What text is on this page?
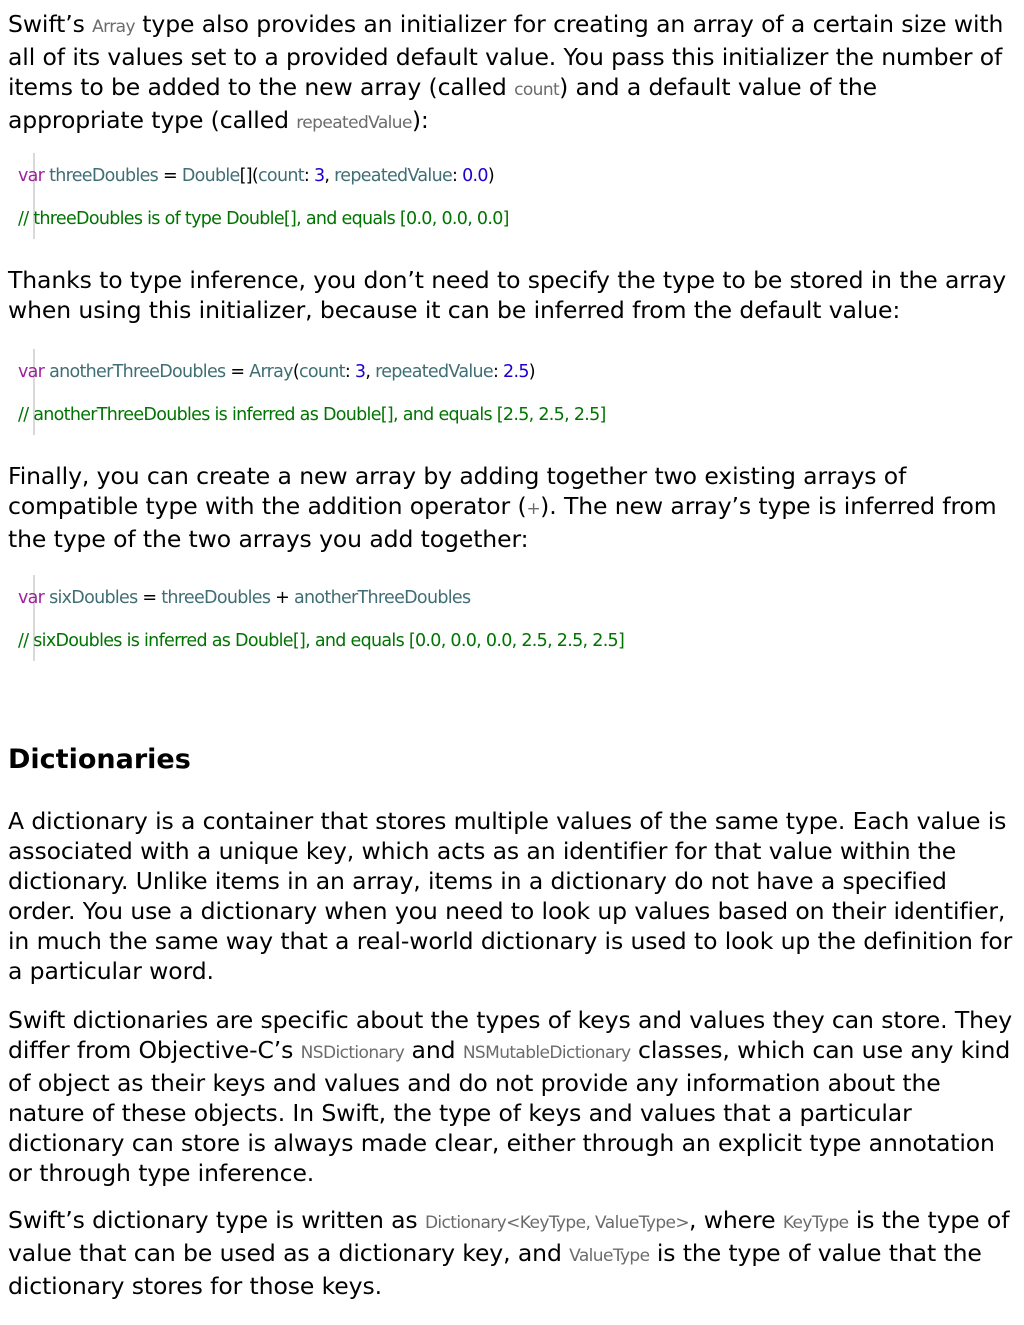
Swift’s Array type also provides an initializer for creating an array of a certain size with all of its values set to a provided default value. You pass this initializer the number of items to be added to the new array (called count) and a default value of the appropriate type (called repeatedValue):

var threeDoubles = Double[](count: 3, repeatedValue: 0.0)
// threeDoubles is of type Double[], and equals [0.0, 0.0, 0.0]

Thanks to type inference, you don’t need to specify the type to be stored in the array when using this initializer, because it can be inferred from the default value:

var anotherThreeDoubles = Array(count: 3, repeatedValue: 2.5)
// anotherThreeDoubles is inferred as Double[], and equals [2.5, 2.5, 2.5]

Finally, you can create a new array by adding together two existing arrays of compatible type with the addition operator (+). The new array’s type is inferred from the type of the two arrays you add together:

var sixDoubles = threeDoubles + anotherThreeDoubles
// sixDoubles is inferred as Double[], and equals [0.0, 0.0, 0.0, 2.5, 2.5, 2.5]
Dictionaries

A dictionary is a container that stores multiple values of the same type. Each value is associated with a unique key, which acts as an identifier for that value within the dictionary. Unlike items in an array, items in a dictionary do not have a specified order. You use a dictionary when you need to look up values based on their identifier, in much the same way that a real-world dictionary is used to look up the definition for a particular word.

Swift dictionaries are specific about the types of keys and values they can store. They differ from Objective-C’s NSDictionary and NSMutableDictionary classes, which can use any kind of object as their keys and values and do not provide any information about the nature of these objects. In Swift, the type of keys and values that a particular dictionary can store is always made clear, either through an explicit type annotation or through type inference.

Swift’s dictionary type is written as Dictionary<KeyType, ValueType>, where KeyType is the type of value that can be used as a dictionary key, and ValueType is the type of value that the dictionary stores for those keys.
